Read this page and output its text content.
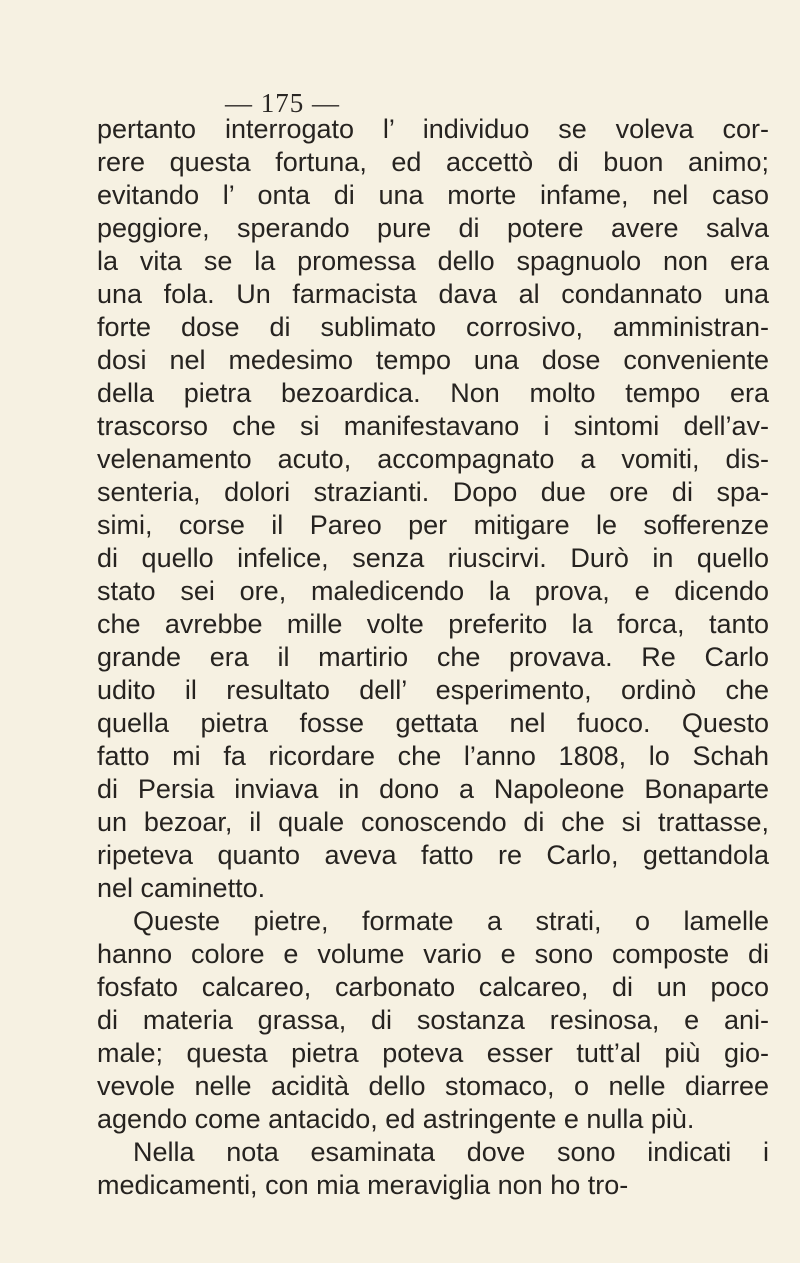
— 175 —
pertanto interrogato l’ individuo se voleva cor-
rere questa fortuna, ed accettò di buon animo;
evitando l’ onta di una morte infame, nel caso
peggiore, sperando pure di potere avere salva
la vita se la promessa dello spagnuolo non era
una fola. Un farmacista dava al condannato una
forte dose di sublimato corrosivo, amministran-
dosi nel medesimo tempo una dose conveniente
della pietra bezoardica. Non molto tempo era
trascorso che si manifestavano i sintomi dell’av-
velenamento acuto, accompagnato a vomiti, dis-
senteria, dolori strazianti. Dopo due ore di spa-
simi, corse il Pareo per mitigare le sofferenze
di quello infelice, senza riuscirvi. Durò in quello
stato sei ore, maledicendo la prova, e dicendo
che avrebbe mille volte preferito la forca, tanto
grande era il martirio che provava. Re Carlo
udito il resultato dell’ esperimento, ordinò che
quella pietra fosse gettata nel fuoco. Questo
fatto mi fa ricordare che l’anno 1808, lo Schah
di Persia inviava in dono a Napoleone Bonaparte
un bezoar, il quale conoscendo di che si trattasse,
ripeteva quanto aveva fatto re Carlo, gettandola
nel caminetto.
Queste pietre, formate a strati, o lamelle
hanno colore e volume vario e sono composte di
fosfato calcareo, carbonato calcareo, di un poco
di materia grassa, di sostanza resinosa, e ani-
male; questa pietra poteva esser tutt’al più gio-
vevole nelle acidità dello stomaco, o nelle diarree
agendo come antacido, ed astringente e nulla più.
Nella nota esaminata dove sono indicati i
medicamenti, con mia meraviglia non ho tro-
